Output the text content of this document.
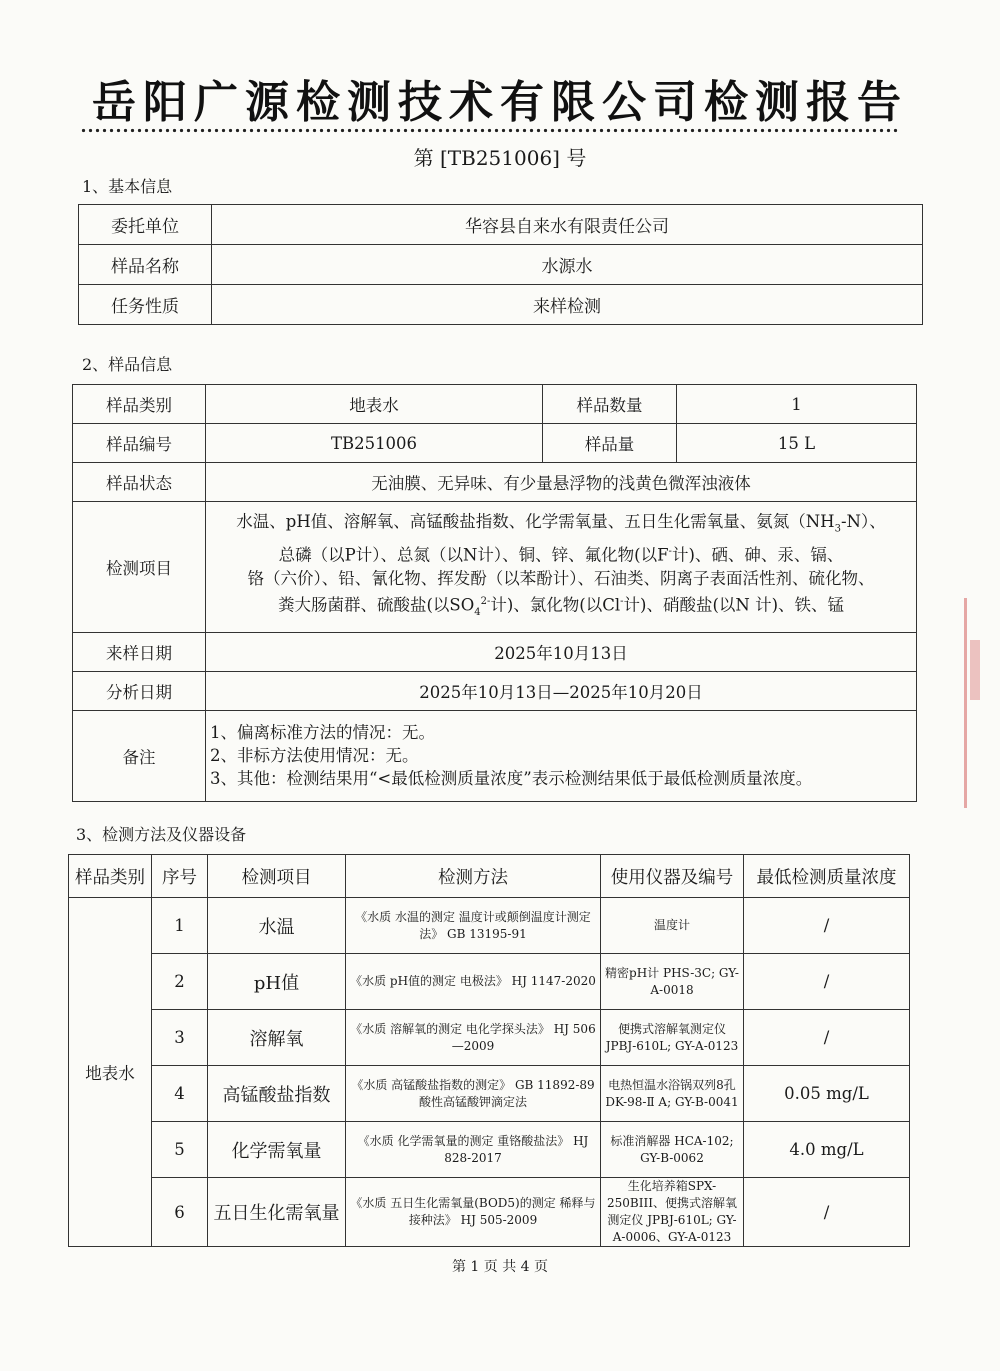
岳阳广源检测技术有限公司检测报告
第 [TB251006] 号
1、基本信息
委托单位	华容县自来水有限责任公司
样品名称	水源水
任务性质	来样检测
2、样品信息
样品类别	地表水	样品数量	1
样品编号	TB251006	样品量	15 L
样品状态	无油膜、无异味、有少量悬浮物的浅黄色微浑浊液体		
检测项目	水温、pH值、溶解氧、高锰酸盐指数、化学需氧量、五日生化需氧量、氨氮$(NH_3-N)$、
总磷（以P计）、总氮（以N计）、铜、锌、氟化物(以F-计)、硒、砷、汞、镉、
铬（六价）、铅、氰化物、挥发酚（以苯酚计）、石油类、阴离子表面活性剂、硫化物、
粪大肠菌群、硫酸盐(以$SO_4^{2-}$计)、氯化物(以Cl-计)、硝酸盐(以N 计)、铁、锰		

来样日期	2025年10月13日		
分析日期	2025年10月13日—2025年10月20日		
备注	1、偏离标准方法的情况：无。
2、非标方法使用情况：无。
3、其他：检测结果用“<最低检测质量浓度”表示检测结果低于最低检测质量浓度。		
3、检测方法及仪器设备
样品类别	序号	检测项目	检测方法	使用仪器及编号	最低检测质量浓度
地表水	1	水温	《水质 水温的测定 温度计或颠倒温度计测定法》 GB 13195-91	温度计	/
	2	pH值	《水质 pH值的测定 电极法》 HJ 1147-2020	精密pH计 PHS-3C; GY-A-0018	/
	3	溶解氧	《水质 溶解氧的测定 电化学探头法》 HJ 506—2009	便携式溶解氧测定仪 JPBJ-610L; GY-A-0123	/
	4	高锰酸盐指数	《水质 高锰酸盐指数的测定》 GB 11892-89 酸性高锰酸钾滴定法	电热恒温水浴锅双列8孔 DK-98-Ⅱ A; GY-B-0041	0.05 mg/L
	5	化学需氧量	《水质 化学需氧量的测定 重铬酸盐法》 HJ 828-2017	标准消解器 HCA-102; GY-B-0062	4.0 mg/L
	6	五日生化需氧量	《水质 五日生化需氧量(BOD5)的测定 稀释与接种法》 HJ 505-2009	生化培养箱SPX-250BIII、便携式溶解氧测定仪 JPBJ-610L; GY-A-0006、GY-A-0123	/
第 1 页 共 4 页
